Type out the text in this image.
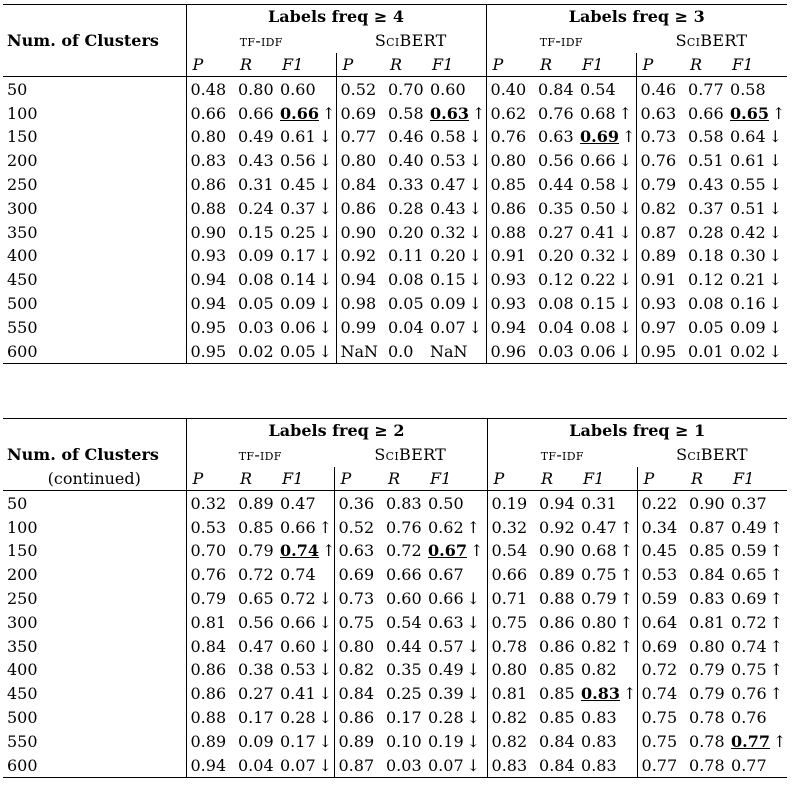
	Labels freq ≥ 4						Labels freq ≥ 3					
Num. of Clusters	tf-idf			SciBERT			tf-idf			SciBERT		
	P	R	F1	P	R	F1	P	R	F1	P	R	F1
50	0.48	0.80	0.60	0.52	0.70	0.60	0.40	0.84	0.54	0.46	0.77	0.58
100	0.66	0.66	0.66 ↑	0.69	0.58	0.63 ↑	0.62	0.76	0.68 ↑	0.63	0.66	0.65 ↑
150	0.80	0.49	0.61 ↓	0.77	0.46	0.58 ↓	0.76	0.63	0.69 ↑	0.73	0.58	0.64 ↓
200	0.83	0.43	0.56 ↓	0.80	0.40	0.53 ↓	0.80	0.56	0.66 ↓	0.76	0.51	0.61 ↓
250	0.86	0.31	0.45 ↓	0.84	0.33	0.47 ↓	0.85	0.44	0.58 ↓	0.79	0.43	0.55 ↓
300	0.88	0.24	0.37 ↓	0.86	0.28	0.43 ↓	0.86	0.35	0.50 ↓	0.82	0.37	0.51 ↓
350	0.90	0.15	0.25 ↓	0.90	0.20	0.32 ↓	0.88	0.27	0.41 ↓	0.87	0.28	0.42 ↓
400	0.93	0.09	0.17 ↓	0.92	0.11	0.20 ↓	0.91	0.20	0.32 ↓	0.89	0.18	0.30 ↓
450	0.94	0.08	0.14 ↓	0.94	0.08	0.15 ↓	0.93	0.12	0.22 ↓	0.91	0.12	0.21 ↓
500	0.94	0.05	0.09 ↓	0.98	0.05	0.09 ↓	0.93	0.08	0.15 ↓	0.93	0.08	0.16 ↓
550	0.95	0.03	0.06 ↓	0.99	0.04	0.07 ↓	0.94	0.04	0.08 ↓	0.97	0.05	0.09 ↓
600	0.95	0.02	0.05 ↓	NaN	0.0	NaN	0.96	0.03	0.06 ↓	0.95	0.01	0.02 ↓
	Labels freq ≥ 2						Labels freq ≥ 1					
Num. of Clusters	tf-idf			SciBERT			tf-idf			SciBERT		
(continued)	P	R	F1	P	R	F1	P	R	F1	P	R	F1
50	0.32	0.89	0.47	0.36	0.83	0.50	0.19	0.94	0.31	0.22	0.90	0.37
100	0.53	0.85	0.66 ↑	0.52	0.76	0.62 ↑	0.32	0.92	0.47 ↑	0.34	0.87	0.49 ↑
150	0.70	0.79	0.74 ↑	0.63	0.72	0.67 ↑	0.54	0.90	0.68 ↑	0.45	0.85	0.59 ↑
200	0.76	0.72	0.74	0.69	0.66	0.67	0.66	0.89	0.75 ↑	0.53	0.84	0.65 ↑
250	0.79	0.65	0.72 ↓	0.73	0.60	0.66 ↓	0.71	0.88	0.79 ↑	0.59	0.83	0.69 ↑
300	0.81	0.56	0.66 ↓	0.75	0.54	0.63 ↓	0.75	0.86	0.80 ↑	0.64	0.81	0.72 ↑
350	0.84	0.47	0.60 ↓	0.80	0.44	0.57 ↓	0.78	0.86	0.82 ↑	0.69	0.80	0.74 ↑
400	0.86	0.38	0.53 ↓	0.82	0.35	0.49 ↓	0.80	0.85	0.82	0.72	0.79	0.75 ↑
450	0.86	0.27	0.41 ↓	0.84	0.25	0.39 ↓	0.81	0.85	0.83 ↑	0.74	0.79	0.76 ↑
500	0.88	0.17	0.28 ↓	0.86	0.17	0.28 ↓	0.82	0.85	0.83	0.75	0.78	0.76
550	0.89	0.09	0.17 ↓	0.89	0.10	0.19 ↓	0.82	0.84	0.83	0.75	0.78	0.77 ↑
600	0.94	0.04	0.07 ↓	0.87	0.03	0.07 ↓	0.83	0.84	0.83	0.77	0.78	0.77
